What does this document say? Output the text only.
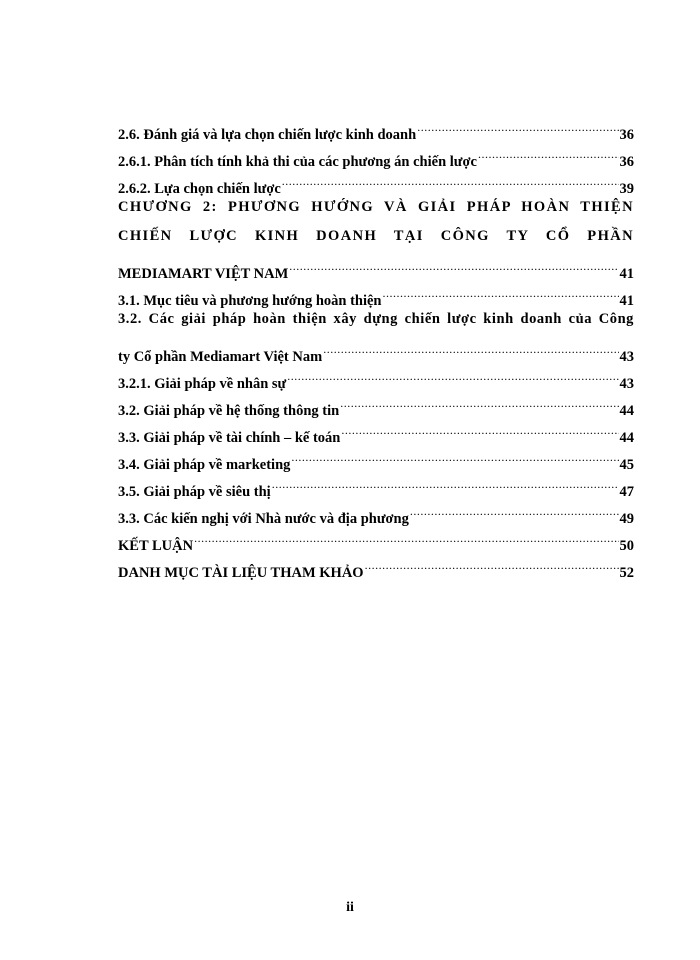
2.6. Đánh giá và lựa chọn chiến lược kinh doanh .....	36
2.6.1. Phân tích tính khả thi của các phương án chiến lược .....	36
2.6.2. Lựa chọn chiến lược .....	39
CHƯƠNG 2: PHƯƠNG HƯỚNG VÀ GIẢI PHÁP HOÀN THIỆN
CHIẾN LƯỢC KINH DOANH TẠI CÔNG TY CỔ PHẦN
MEDIAMART VIỆT NAM .....	41
3.1. Mục tiêu và phương hướng hoàn thiện .....	41
3.2. Các giải pháp hoàn thiện xây dựng chiến lược kinh doanh của Công
ty Cổ phần Mediamart Việt Nam .....	43
3.2.1. Giải pháp về nhân sự .....	43
3.2. Giải pháp về hệ thống thông tin .....	44
3.3. Giải pháp về tài chính – kế toán .....	44
3.4. Giải pháp về marketing .....	45
3.5. Giải pháp về siêu thị .....	47
3.3. Các kiến nghị với Nhà nước và địa phương .....	49
KẾT LUẬN .....	50
DANH MỤC TÀI LIỆU THAM KHẢO .....	52
ii
